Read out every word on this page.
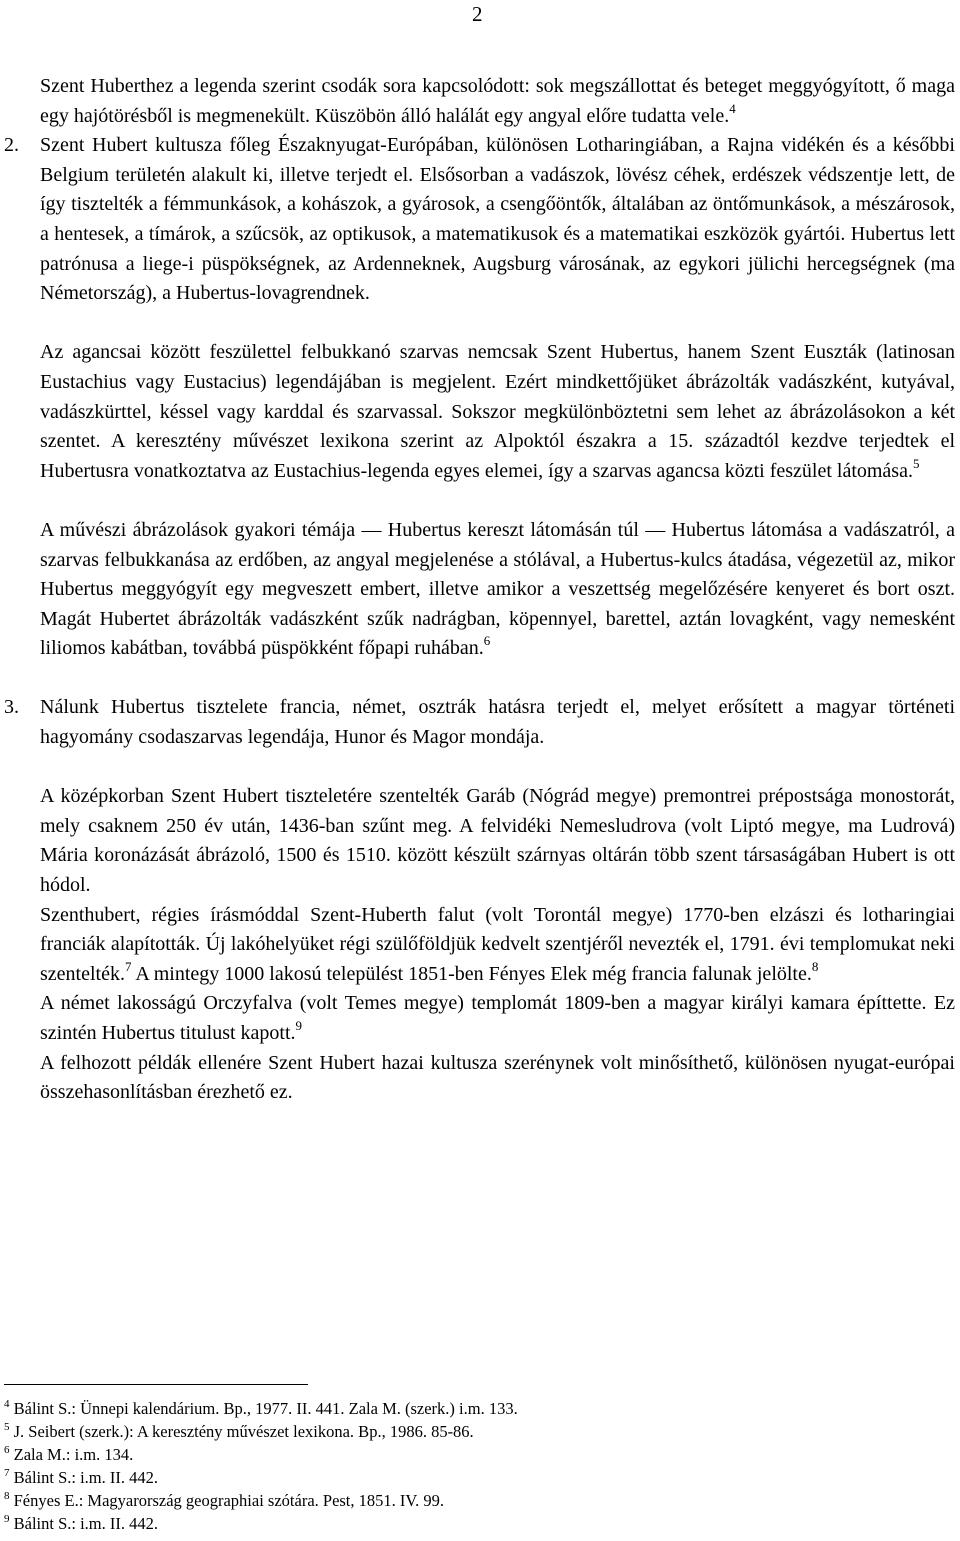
2

Szent Huberthez a legenda szerint csodák sora kapcsolódott: sok megszállottat és beteget meggyógyított, ő maga egy hajótörésből is megmenekült. Küszöbön álló halálát egy angyal előre tudatta vele.$^4$

2. Szent Hubert kultusza főleg Északnyugat-Európában, különösen Lotharingiában, a Rajna vidékén és a későbbi Belgium területén alakult ki, illetve terjedt el. Elsősorban a vadászok, lövész céhek, erdészek védszentje lett, de így tisztelték a fémmunkások, a kohászok, a gyárosok, a csengőöntők, általában az öntőmunkások, a mészárosok, a hentesek, a tímárok, a szűcsök, az optikusok, a matematikusok és a matematikai eszközök gyártói. Hubertus lett patrónusa a liege-i püspökségnek, az Ardenneknek, Augsburg városának, az egykori jülichi hercegségnek (ma Németország), a Hubertus-lovagrendnek.

Az agancsai között feszülettel felbukkanó szarvas nemcsak Szent Hubertus, hanem Szent Euszták (latinosan Eustachius vagy Eustacius) legendájában is megjelent. Ezért mindkettőjüket ábrázolták vadászként, kutyával, vadászkürttel, késsel vagy karddal és szarvassal. Sokszor megkülönböztetni sem lehet az ábrázolásokon a két szentet. A keresztény művészet lexikona szerint az Alpoktól északra a 15. századtól kezdve terjedtek el Hubertusra vonatkoztatva az Eustachius-legenda egyes elemei, így a szarvas agancsa közti feszület látomása.$^5$

A művészi ábrázolások gyakori témája — Hubertus kereszt látomásán túl — Hubertus látomása a vadászatról, a szarvas felbukkanása az erdőben, az angyal megjelenése a stólával, a Hubertus-kulcs átadása, végezetül az, mikor Hubertus meggyógyít egy megveszett embert, illetve amikor a veszettség megelőzésére kenyeret és bort oszt. Magát Hubertet ábrázolták vadászként szűk nadrágban, köpennyel, barettel, aztán lovagként, vagy nemesként liliomos kabátban, továbbá püspökként főpapi ruhában.$^6$

3. Nálunk Hubertus tisztelete francia, német, osztrák hatásra terjedt el, melyet erősített a magyar történeti hagyomány csodaszarvas legendája, Hunor és Magor mondája.

A középkorban Szent Hubert tiszteletére szentelték Garáb (Nógrád megye) premontrei prépostsága monostorát, mely csaknem 250 év után, 1436-ban szűnt meg. A felvidéki Nemesludrova (volt Liptó megye, ma Ludrová) Mária koronázását ábrázoló, 1500 és 1510. között készült szárnyas oltárán több szent társaságában Hubert is ott hódol.

Szenthubert, régies írásmóddal Szent-Huberth falut (volt Torontál megye) 1770-ben elzászi és lotharingiai franciák alapították. Új lakóhelyüket régi szülőföldjük kedvelt szentjéről nevezték el, 1791. évi templomukat neki szentelték.$^7$ A mintegy 1000 lakosú települést 1851-ben Fényes Elek még francia falunak jelölte.$^8$

A német lakosságú Orczyfalva (volt Temes megye) templomát 1809-ben a magyar királyi kamara építtette. Ez szintén Hubertus titulust kapott.$^9$

A felhozott példák ellenére Szent Hubert hazai kultusza szerénynek volt minősíthető, különösen nyugat-európai összehasonlításban érezhető ez.

$^4$ Bálint S.: Ünnepi kalendárium. Bp., 1977. II. 441. Zala M. (szerk.) i.m. 133.
$^5$ J. Seibert (szerk.): A keresztény művészet lexikona. Bp., 1986. 85-86.
$^6$ Zala M.: i.m. 134.
$^7$ Bálint S.: i.m. II. 442.
$^8$ Fényes E.: Magyarország geographiai szótára. Pest, 1851. IV. 99.
$^9$ Bálint S.: i.m. II. 442.
